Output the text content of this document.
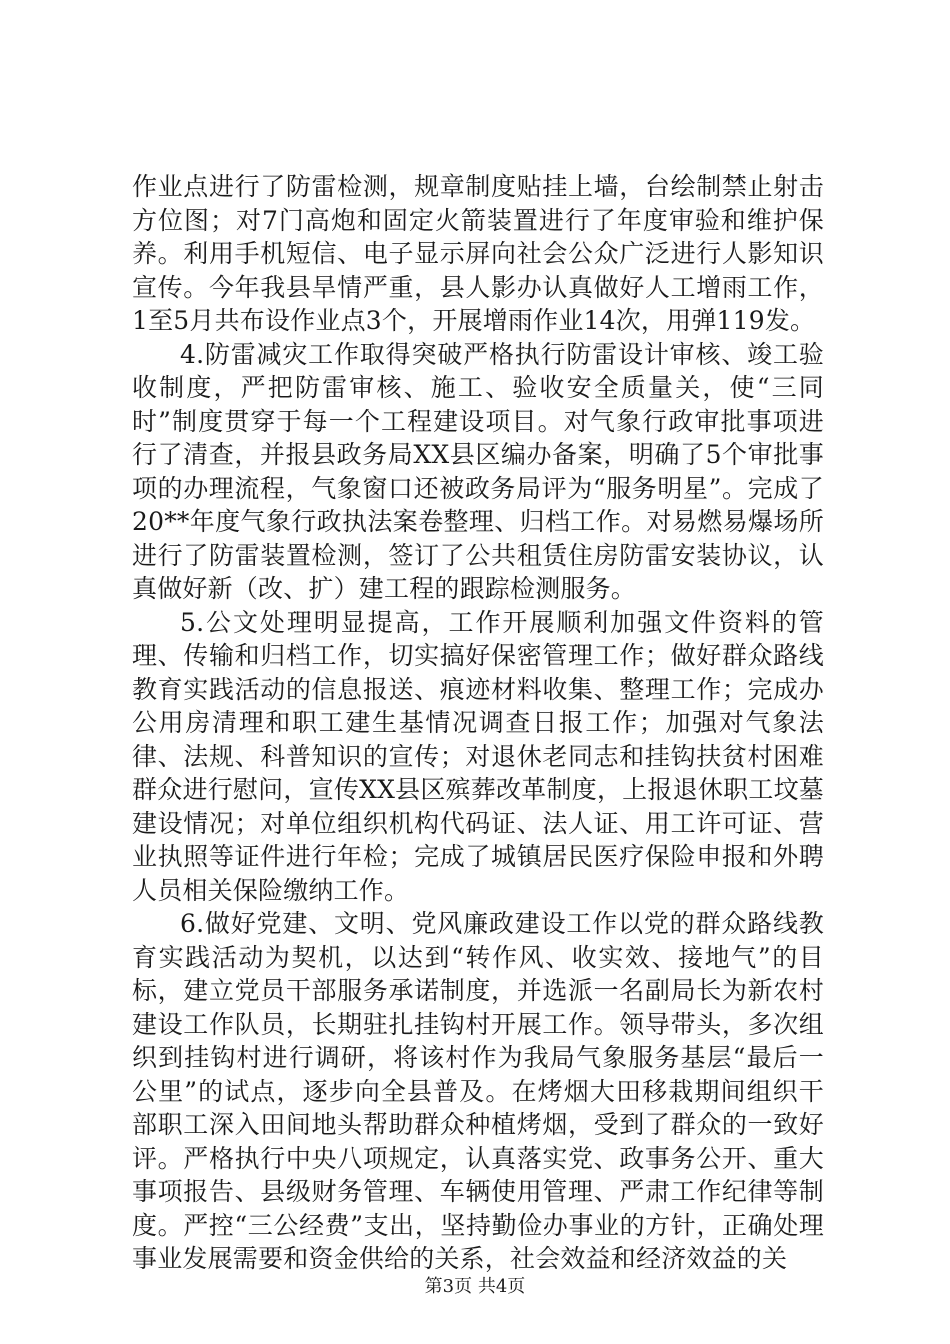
作业点进行了防雷检测，规章制度贴挂上墙，台绘制禁止射击方位图；对7门高炮和固定火箭装置进行了年度审验和维护保养。利用手机短信、电子显示屏向社会公众广泛进行人影知识宣传。今年我县旱情严重，县人影办认真做好人工增雨工作，1至5月共布设作业点3个，开展增雨作业14次，用弹119发。

4.防雷减灾工作取得突破严格执行防雷设计审核、竣工验收制度，严把防雷审核、施工、验收安全质量关，使“三同时”制度贯穿于每一个工程建设项目。对气象行政审批事项进行了清查，并报县政务局XX县区编办备案，明确了5个审批事项的办理流程，气象窗口还被政务局评为“服务明星”。完成了20**年度气象行政执法案卷整理、归档工作。对易燃易爆场所进行了防雷装置检测，签订了公共租赁住房防雷安装协议，认真做好新（改、扩）建工程的跟踪检测服务。

5.公文处理明显提高，工作开展顺利加强文件资料的管理、传输和归档工作，切实搞好保密管理工作；做好群众路线教育实践活动的信息报送、痕迹材料收集、整理工作；完成办公用房清理和职工建生基情况调查日报工作；加强对气象法律、法规、科普知识的宣传；对退休老同志和挂钩扶贫村困难群众进行慰问，宣传XX县区殡葬改革制度，上报退休职工坟墓建设情况；对单位组织机构代码证、法人证、用工许可证、营业执照等证件进行年检；完成了城镇居民医疗保险申报和外聘人员相关保险缴纳工作。

6.做好党建、文明、党风廉政建设工作以党的群众路线教育实践活动为契机，以达到“转作风、收实效、接地气”的目标，建立党员干部服务承诺制度，并选派一名副局长为新农村建设工作队员，长期驻扎挂钩村开展工作。领导带头，多次组织到挂钩村进行调研，将该村作为我局气象服务基层“最后一公里”的试点，逐步向全县普及。在烤烟大田移栽期间组织干部职工深入田间地头帮助群众种植烤烟，受到了群众的一致好评。严格执行中央八项规定，认真落实党、政事务公开、重大事项报告、县级财务管理、车辆使用管理、严肃工作纪律等制度。严控“三公经费”支出，坚持勤俭办事业的方针，正确处理事业发展需要和资金供给的关系，社会效益和经济效益的关

第3页 共4页
